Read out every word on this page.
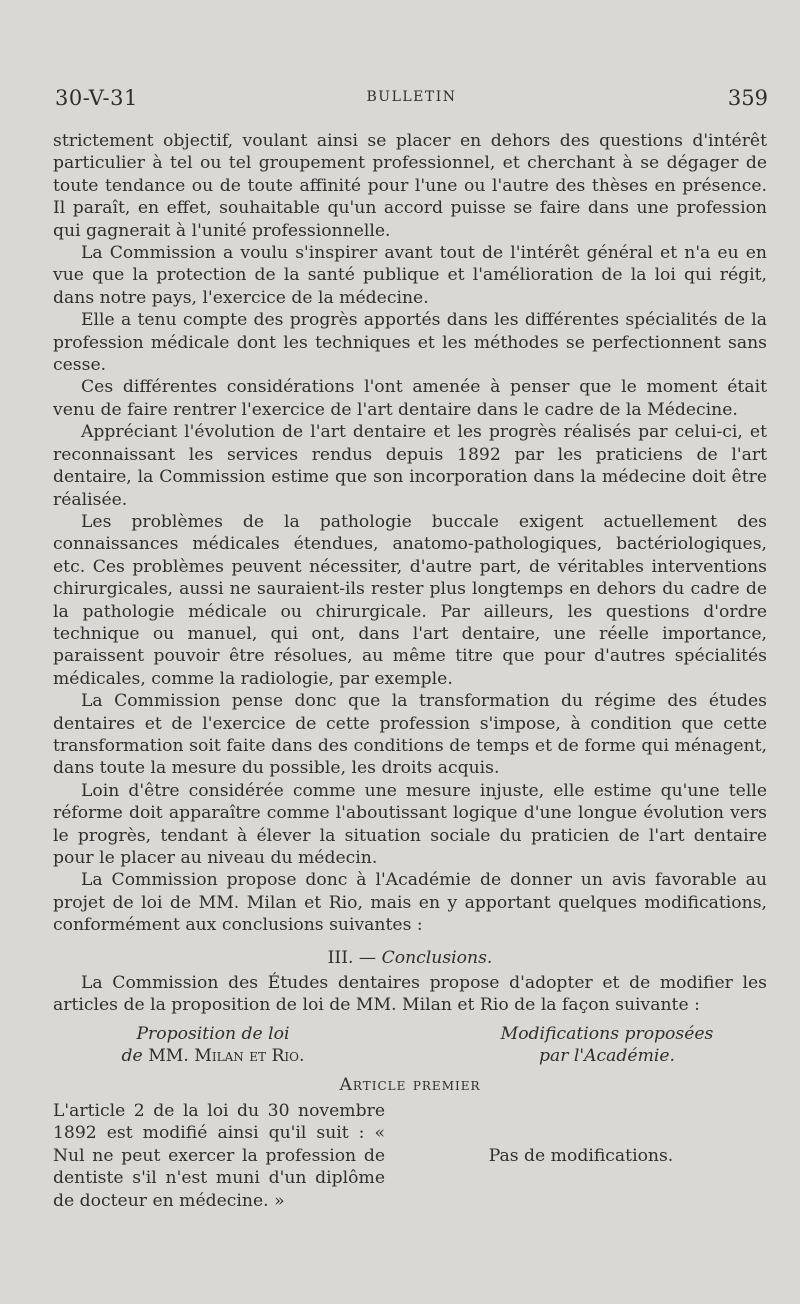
30-V-31	BULLETIN	359

strictement objectif, voulant ainsi se placer en dehors des questions d'intérêt particulier à tel ou tel groupement professionnel, et cherchant à se dégager de toute tendance ou de toute affinité pour l'une ou l'autre des thèses en présence. Il paraît, en effet, souhaitable qu'un accord puisse se faire dans une profession qui gagnerait à l'unité professionnelle.

La Commission a voulu s'inspirer avant tout de l'intérêt général et n'a eu en vue que la protection de la santé publique et l'amélioration de la loi qui régit, dans notre pays, l'exercice de la médecine.

Elle a tenu compte des progrès apportés dans les différentes spécialités de la profession médicale dont les techniques et les méthodes se perfectionnent sans cesse.

Ces différentes considérations l'ont amenée à penser que le moment était venu de faire rentrer l'exercice de l'art dentaire dans le cadre de la Médecine.

Appréciant l'évolution de l'art dentaire et les progrès réalisés par celui-ci, et reconnaissant les services rendus depuis 1892 par les praticiens de l'art dentaire, la Commission estime que son incorporation dans la médecine doit être réalisée.

Les problèmes de la pathologie buccale exigent actuellement des connaissances médicales étendues, anatomo-pathologiques, bactériologiques, etc. Ces problèmes peuvent nécessiter, d'autre part, de véritables interventions chirurgicales, aussi ne sauraient-ils rester plus longtemps en dehors du cadre de la pathologie médicale ou chirurgicale. Par ailleurs, les questions d'ordre technique ou manuel, qui ont, dans l'art dentaire, une réelle importance, paraissent pouvoir être résolues, au même titre que pour d'autres spécialités médicales, comme la radiologie, par exemple.

La Commission pense donc que la transformation du régime des études dentaires et de l'exercice de cette profession s'impose, à condition que cette transformation soit faite dans des conditions de temps et de forme qui ménagent, dans toute la mesure du possible, les droits acquis.

Loin d'être considérée comme une mesure injuste, elle estime qu'une telle réforme doit apparaître comme l'aboutissant logique d'une longue évolution vers le progrès, tendant à élever la situation sociale du praticien de l'art dentaire pour le placer au niveau du médecin.

La Commission propose donc à l'Académie de donner un avis favorable au projet de loi de MM. Milan et Rio, mais en y apportant quelques modifications, conformément aux conclusions suivantes :

III. — Conclusions.

La Commission des Études dentaires propose d'adopter et de modifier les articles de la proposition de loi de MM. Milan et Rio de la façon suivante :

Proposition de loi
de MM. Milan et Rio.
Modifications proposées
par l'Académie.
Article premier
L'article 2 de la loi du 30 novembre 1892 est modifié ainsi qu'il suit : « Nul ne peut exercer la profession de dentiste s'il n'est muni d'un diplôme de docteur en médecine. »
Pas de modifications.
